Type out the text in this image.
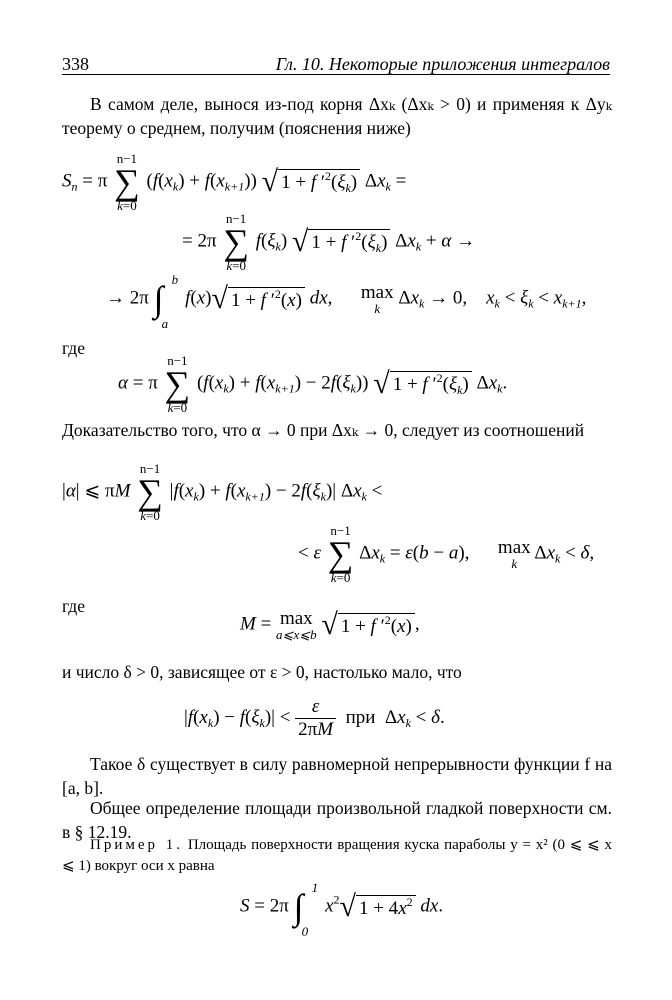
338	Гл. 10. Некоторые приложения интегралов
В самом деле, вынося из-под корня Δxₖ (Δxₖ > 0) и применяя к Δyₖ теорему о среднем, получим (пояснения ниже)
$S_n = \pi$
n−1
∑
k=0
$(f(x_k) + f(x_{k+1}))$ √ 1 + f $'^2(\xi_k) \Delta x_k$ =
= 2π
n−1
∑
k=0
$f(\xi_k)$ √ 1 + f $'^2(\xi_k) \Delta x_k + \alpha$ →
→ 2π ∫ b
a
f(x)√ 1 + f $'^2(x)$ dx,      max
k
$\Delta x_k \to 0$,    $x_k < \xi_k < x_{k+1}$,
где
α = π
n−1
∑
k=0
$(f(x_k) + f(x_{k+1}) - 2f(\xi_k))$ √ 1 + f $'^2(\xi_k)$ $\Delta x_k$.
Доказательство того, что α → 0 при Δxₖ → 0, следует из соотношений
|α| ⩽ πM
n−1
∑
k=0
$|f(x_k) + f(x_{k+1}) - 2f(\xi_k)|$ $\Delta x_k$ <
< ε
n−1
∑
k=0
$\Delta x_k = \varepsilon(b - a)$,      max
k
$\Delta x_k < \delta$,
где
M = max
a⩽x⩽b √ 1 + f $'^2(x)$ ,
и число δ > 0, зависящее от ε > 0, настолько мало, что
$|f(x_k) - f(\xi_k)| < \frac{\varepsilon}{2\pi M}$ при  $\Delta x_k < \delta$.
Такое δ существует в силу равномерной непрерывности функции f на [a, b].
Общее определение площади произвольной гладкой поверхности см. в § 12.19.
Пример 1. Площадь поверхности вращения куска параболы y = x² (0 ⩽ ⩽ x ⩽ 1) вокруг оси x равна
S = 2π ∫ 1
0
$x^2√$ $1 + 4x^2$ dx.
